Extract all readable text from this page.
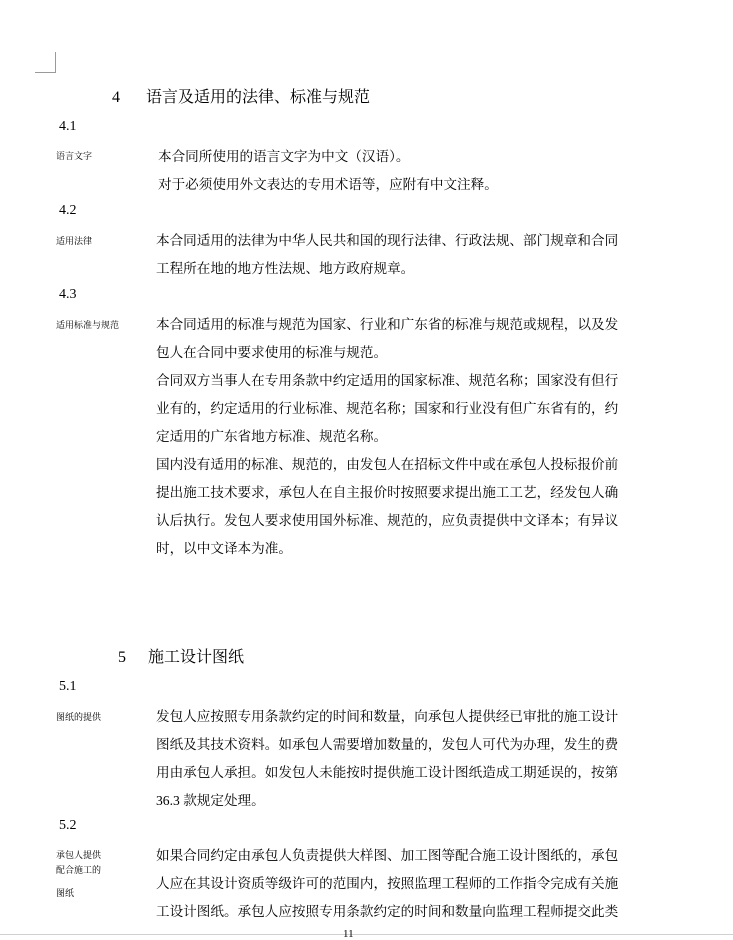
4 语言及适用的法律、标准与规范
4.1
语言文字	本合同所使用的语言文字为中文（汉语）。
对于必须使用外文表达的专用术语等，应附有中文注释。
4.2
适用法律	本合同适用的法律为中华人民共和国的现行法律、行政法规、部门规章和合同
工程所在地的地方性法规、地方政府规章。
4.3
适用标准与规范	本合同适用的标准与规范为国家、行业和广东省的标准与规范或规程，以及发
包人在合同中要求使用的标准与规范。
合同双方当事人在专用条款中约定适用的国家标准、规范名称；国家没有但行
业有的，约定适用的行业标准、规范名称；国家和行业没有但广东省有的，约
定适用的广东省地方标准、规范名称。
国内没有适用的标准、规范的，由发包人在招标文件中或在承包人投标报价前
提出施工技术要求，承包人在自主报价时按照要求提出施工工艺，经发包人确
认后执行。发包人要求使用国外标准、规范的，应负责提供中文译本；有异议
时，以中文译本为准。
5 施工设计图纸
5.1
图纸的提供	发包人应按照专用条款约定的时间和数量，向承包人提供经已审批的施工设计
图纸及其技术资料。如承包人需要增加数量的，发包人可代为办理，发生的费
用由承包人承担。如发包人未能按时提供施工设计图纸造成工期延误的，按第
36.3 款规定处理。
5.2
承包人提供
配合施工的
图纸
如果合同约定由承包人负责提供大样图、加工图等配合施工设计图纸的，承包
人应在其设计资质等级许可的范围内，按照监理工程师的工作指令完成有关施
工设计图纸。承包人应按照专用条款约定的时间和数量向监理工程师提交此类
11
